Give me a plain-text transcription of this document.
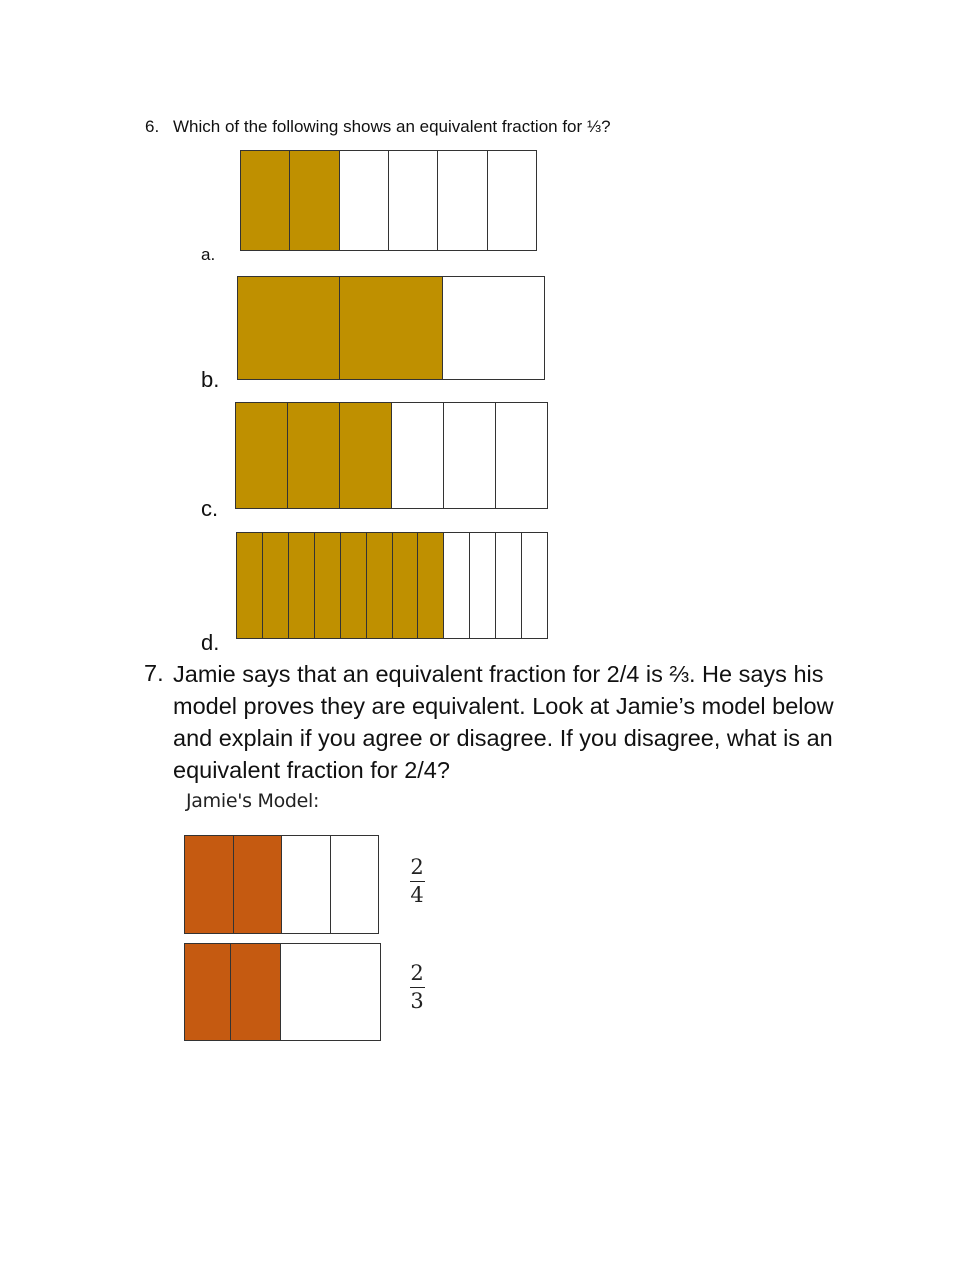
6. Which of the following shows an equivalent fraction for ⅓?
a.
b.
c.
d.
7. Jamie says that an equivalent fraction for 2/4 is ⅔. He says his model proves they are equivalent. Look at Jamie’s model below and explain if you agree or disagree. If you disagree, what is an equivalent fraction for 2/4?
Jamie's Model:
2
4
2
3
